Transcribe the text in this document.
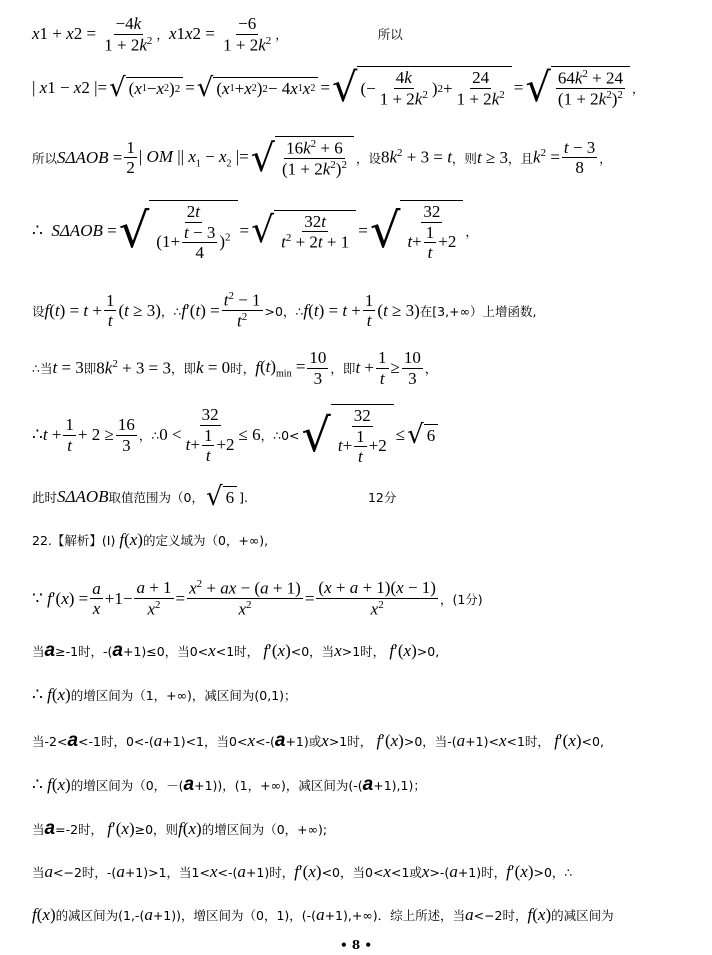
x 1 + x $2 = \frac{-4k}{1 + 2k^2}$ ， x 1 x $2 = \frac{-6}{1 + 2k^2}$ ，	所以
| x 1 − x 2 |= √ ( x 1 − x 2 ) 2 = √ ( x 1 + x 2 ) 2 − 4 x 1 x 2 = √ (− $\frac{4k}{1 + 2k^2}$ ) $2 + \frac{24}{1 + 2k^2}$ = √ $\frac{64k^2 + 24}{(1 + 2k^2)^2}$ ，
所以 S $\Delta AOB = \frac{1}{2}$ | OM || $x_1 - x_2$ |= √ $\frac{16k^2 + 6}{(1 + 2k^2)^2}$ ，设 $8k^2 + 3 = t$ ，则 t ≥ 3 ，且 $k^2 = \frac{t - 3}{8}$ ，
∴ S ΔAOB = √ $\frac{2t}{(1+ \frac{t - 3}{4} )^2}$ = √ $\frac{32t}{t^2 + 2t + 1}$ = √ $\frac{32}{t+ \frac{1}{t} +2}$ ，
设 f $(t) = t + \frac{1}{t} (t \ge 3)$ ，∴ f $'(t) = \frac{t^2 - 1}{t^2} >0$，∴ f $(t) = t + \frac{1}{t} (t \ge 3)$ 在[3,+∞）上增函数,
∴当 t = 3 即 $8k^2 + 3 = 3$ ，即 k = 0 时， f $(t)_{min} = \frac{10}{3}$ ，即 $t + \frac{1}{t} \ge \frac{10}{3}$ ，
∴t + $\frac{1}{t} + 2 \ge \frac{16}{3}$ ，∴ $0 < \frac{32}{t+ \frac{1}{t} +2} \le 6$ ，∴0< √ $\frac{32}{t+ \frac{1}{t} +2}$ ≤ √ 6
此时 S ΔAOB 取值范围为（0， √ 6 ].	12分
22.【解析】(Ⅰ) f (x) 的定义域为（0，+∞),
∵ $f'(x) = \frac{a}{x} +1- \frac{a + 1}{x^2} = \frac{x^2 + ax - (a + 1)}{x^2} = \frac{(x + a + 1)(x - 1)}{x^2}$ ，(1分)
当 a ≥-1时，-( a +1)≤0，当0< x <1时， f′(x) <0，当 x >1时， f′(x) >0,
∴ f(x) 的增区间为（1，+∞)，减区间为(0,1)；
当-2< a <-1时，0<-( a +1)<1，当0< x <-( a +1)或 x >1时， f′(x) >0，当-( a +1)< x <1时， f′(x) <0,
∴ f(x) 的增区间为（0，－( a +1))，(1，+∞)，减区间为(-( a +1),1)；
当 a =-2时， f′(x) ≥0，则 f(x) 的增区间为（0，+∞);
当 a <−2时，-( a +1)>1，当1< x <-( a +1)时， f′(x) <0，当0< x <1或 x >-( a +1)时， f′(x) >0，∴
f(x) 的减区间为(1,-( a +1))，增区间为（0，1)，(-( a +1),+∞)．综上所述，当 a <−2时， f(x) 的减区间为
• 8 •
